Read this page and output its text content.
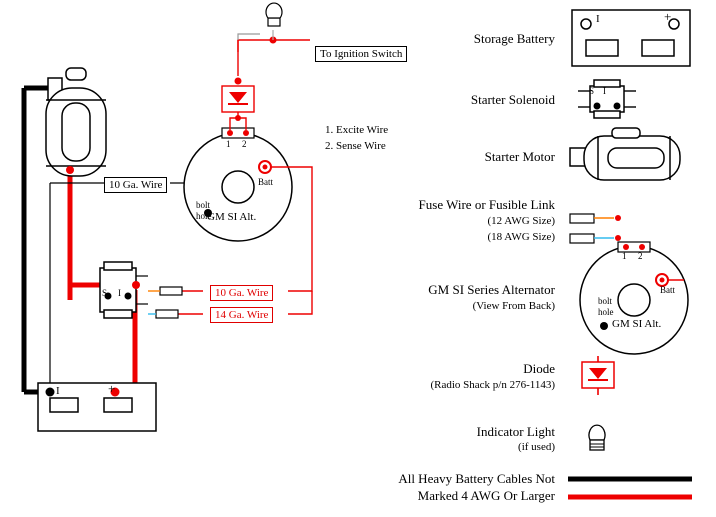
To Ignition Switch
1. Excite Wire
2. Sense Wire
1 2
10 Ga. Wire
bolt
hole
GM SI Alt.
Batt
S I	10 Ga. Wire
14 Ga. Wire
I	+
Storage Battery
I	+
Starter Solenoid
S I
Starter Motor
Fuse Wire or Fusible Link
(12 AWG Size)
(18 AWG Size)
GM SI Series Alternator
(View From Back)
1 2
bolt
hole
GM SI Alt.
Batt
Diode
(Radio Shack p/n 276-1143)
Indicator Light
(if used)
All Heavy Battery Cables Not
Marked 4 AWG Or Larger
